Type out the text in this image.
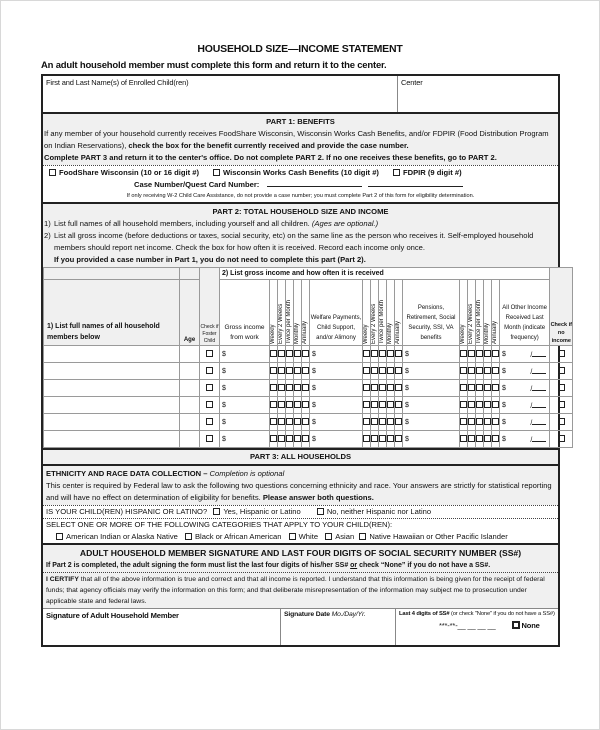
HOUSEHOLD SIZE—INCOME STATEMENT
An adult household member must complete this form and return it to the center.
First and Last Name(s) of Enrolled Child(ren)	Center
PART 1: BENEFITS
If any member of your household currently receives FoodShare Wisconsin, Wisconsin Works Cash Benefits, and/or FDPIR (Food Distribution Program on Indian Reservations), check the box for the benefit currently received and provide the case number.
Complete PART 3 and return it to the center's office. Do not complete PART 2. If no one receives these benefits, go to PART 2.
FoodShare Wisconsin (10 or 16 digit #)	Wisconsin Works Cash Benefits (10 digit #)	FDPIR (9 digit #)
Case Number/Quest Card Number:
If only receiving W-2 Child Care Assistance, do not provide a case number; you must complete Part 2 of this form for eligibility determination.
PART 2: TOTAL HOUSEHOLD SIZE AND INCOME
1) List full names of all household members, including yourself and all children. (Ages are optional.)
2) List all gross income (before deductions or taxes, social security, etc) on the same line as the person who receives it. Self-employed household members should report net income. Check the box for how often it is received. Record each income only once.
If you provided a case number in Part 1, you do not need to complete this part (Part 2).
		Check if Foster Child	2) List gross income and how often it is received																			Check if no income
1) List full names of all household members below	Age		Gross income from work	Weekly	Every 2 Weeks	Twice per Month	Monthly	Annually	Welfare Payments, Child Support, and/or Alimony	Weekly	Every 2 Weeks	Twice per Month	Monthly	Annually	Pensions, Retirement, Social Security, SSI, VA benefits	Weekly	Every 2 Weeks	Twice per Month	Monthly	Annually	All Other Income Received Last Month (indicate frequency)	
			$						$						$						$ /	

			$						$						$						$ /	

			$						$						$						$ /	

			$						$						$						$ /	

			$						$						$						$ /	

			$						$						$						$ /	

PART 3: ALL HOUSEHOLDS
ETHNICITY AND RACE DATA COLLECTION – Completion is optional
This center is required by Federal law to ask the following two questions concerning ethnicity and race. Your answers are strictly for statistical reporting and will have no effect on determination of eligibility for benefits. Please answer both questions.
IS YOUR CHILD(REN) HISPANIC OR LATINO? Yes, Hispanic or Latino	No, neither Hispanic nor Latino
SELECT ONE OR MORE OF THE FOLLOWING CATEGORIES THAT APPLY TO YOUR CHILD(REN):
American Indian or Alaska Native Black or African American White Asian Native Hawaiian or Other Pacific Islander
ADULT HOUSEHOLD MEMBER SIGNATURE AND LAST FOUR DIGITS OF SOCIAL SECURITY NUMBER (SS#)
If Part 2 is completed, the adult signing the form must list the last four digits of his/her SS# or check “None” if you do not have a SS#.
I CERTIFY that all of the above information is true and correct and that all income is reported. I understand that this information is being given for the receipt of federal funds; that agency officials may verify the information on this form; and that deliberate misrepresentation of the information may subject me to prosecution under applicable state and federal laws.
Signature of Adult Household Member	Signature Date Mo./Day/Yr.	Last 4 digits of SS# (or check "None" if you do not have a SS#)
***-**-__ __ __ __	None
